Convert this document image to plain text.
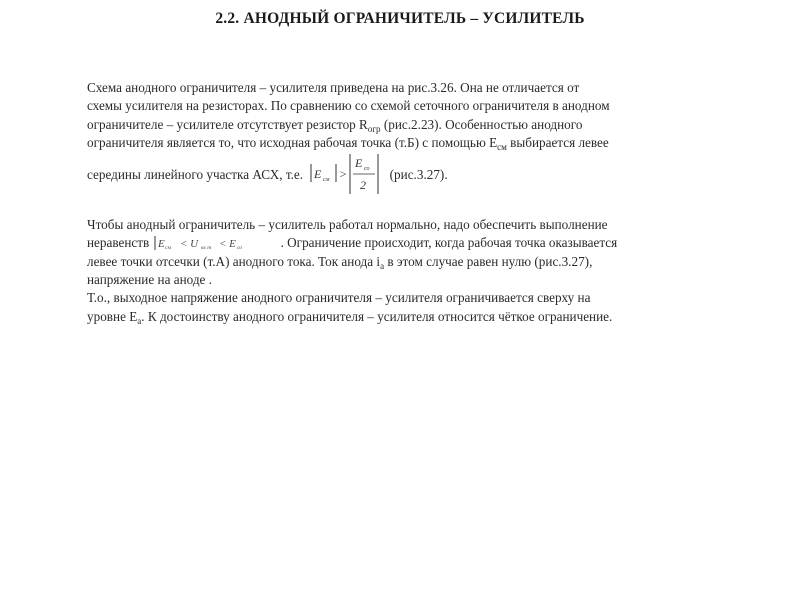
2.2. АНОДНЫЙ ОГРАНИЧИТЕЛЬ – УСИЛИТЕЛЬ
Схема анодного ограничителя – усилителя приведена на рис.3.26. Она не отличается от
схемы усилителя на резисторах. По сравнению со схемой сеточного ограничителя в анодном
ограничителе – усилителе отсутствует резистор $R_{огр}$ (рис.2.23). Особенностью анодного
ограничителя является то, что исходная рабочая точка (т.Б) с помощью $Е_{см}$ выбирается левее
середины линейного участка АСХ, т.е. E см >
E со
2
(рис.3.27).
Чтобы анодный ограничитель – усилитель работал нормально, надо обеспечить выполнение
неравенств E см < U вх m < E со	. Ограничение происходит, когда рабочая точка оказывается
левее точки отсечки (т.А) анодного тока. Ток анода $i_а$ в этом случае равен нулю (рис.3.27),
напряжение на аноде .
Т.о., выходное напряжение анодного ограничителя – усилителя ограничивается сверху на
уровне $Е_а$. К достоинству анодного ограничителя – усилителя относится чёткое ограничение.
